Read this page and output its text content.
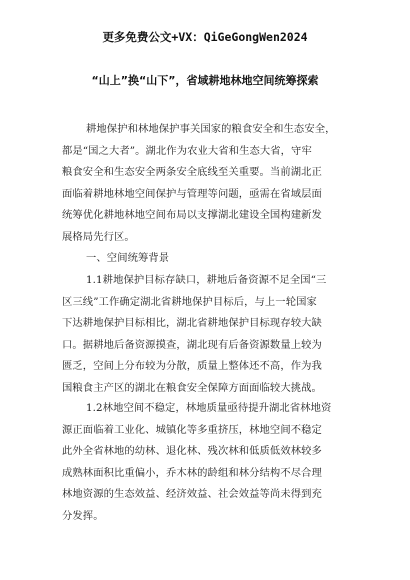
更多免费公文+VX：QiGeGongWen2024
“山上”换“山下”，省域耕地林地空间统筹探索
耕地保护和林地保护事关国家的粮食安全和生态安全，
都是“国之大者”。湖北作为农业大省和生态大省，守牢
粮食安全和生态安全两条安全底线至关重要。当前湖北正
面临着耕地林地空间保护与管理等问题，亟需在省域层面
统筹优化耕地林地空间布局以支撑湖北建设全国构建新发
展格局先行区。
一、空间统筹背景
1.1耕地保护目标存缺口，耕地后备资源不足全国“三
区三线”工作确定湖北省耕地保护目标后，与上一轮国家
下达耕地保护目标相比，湖北省耕地保护目标现存较大缺
口。据耕地后备资源摸查，湖北现有后备资源数量上较为
匮乏，空间上分布较为分散，质量上整体还不高，作为我
国粮食主产区的湖北在粮食安全保障方面面临较大挑战。
1.2林地空间不稳定，林地质量亟待提升湖北省林地资
源正面临着工业化、城镇化等多重挤压，林地空间不稳定
此外全省林地的幼林、退化林、残次林和低质低效林较多
成熟林面积比重偏小，乔木林的龄组和林分结构不尽合理
林地资源的生态效益、经济效益、社会效益等尚未得到充
分发挥。
